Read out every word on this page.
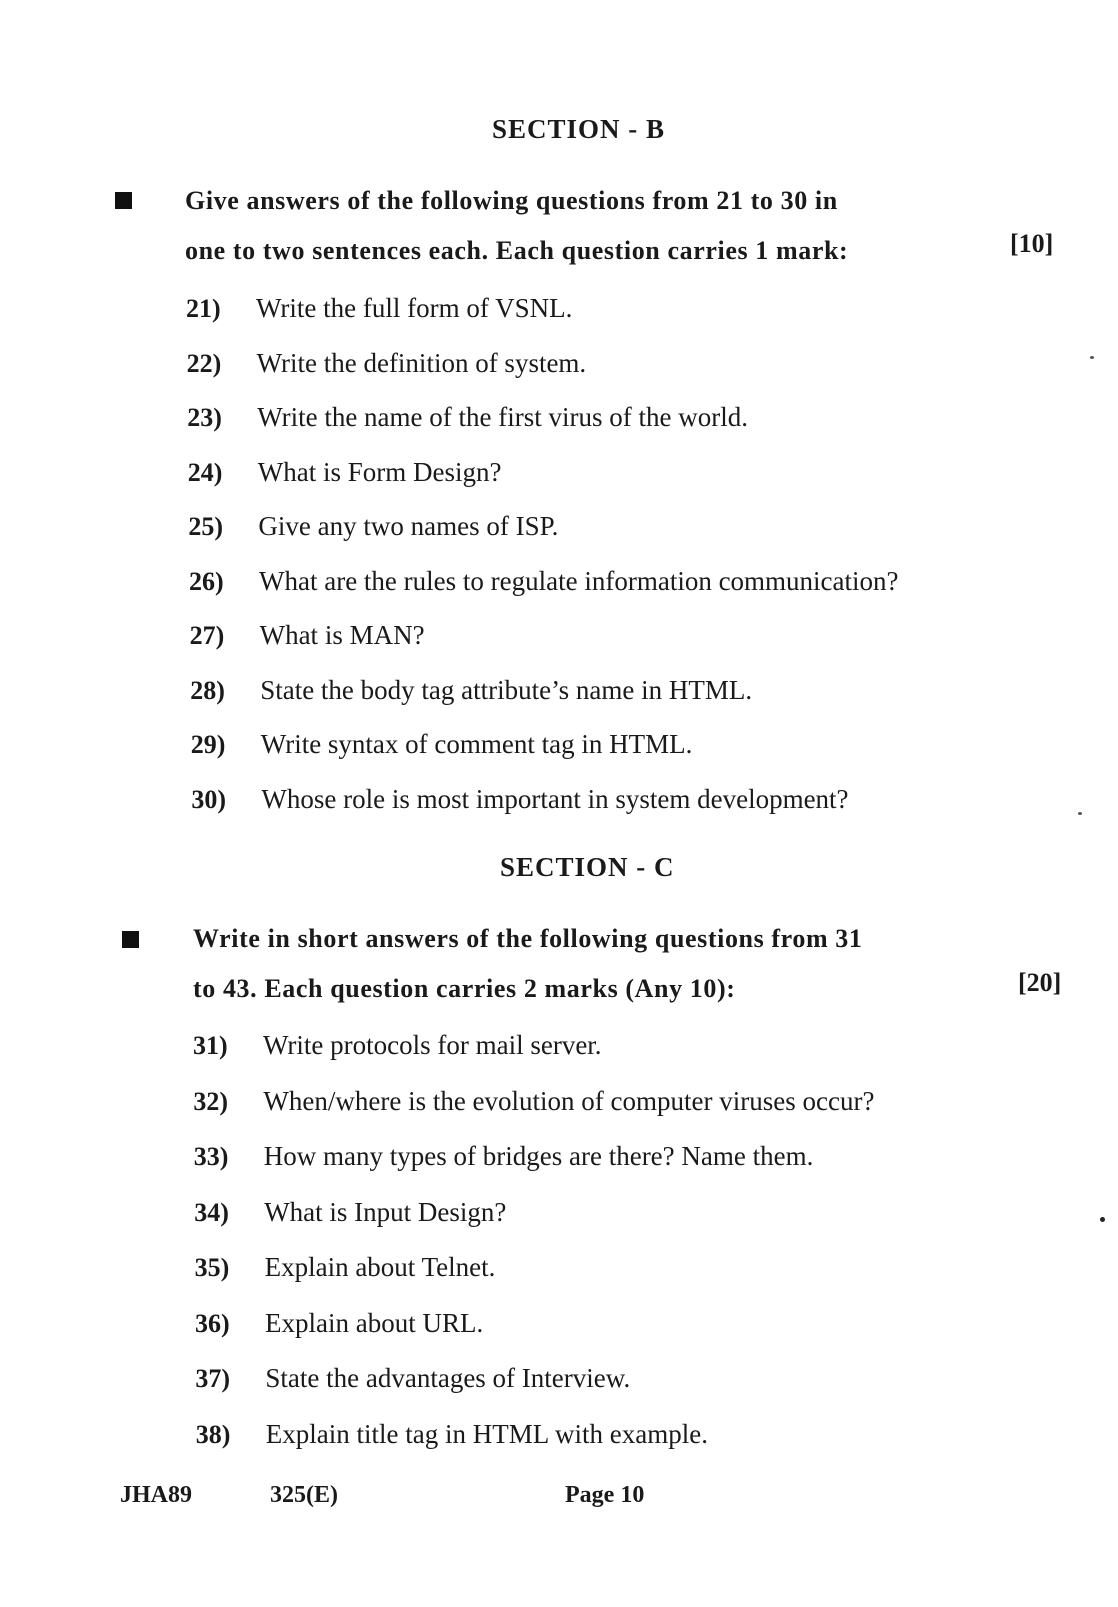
SECTION - B
Give answers of the following questions from 21 to 30 in
one to two sentences each. Each question carries 1 mark:	[10]
21) Write the full form of VSNL.
22) Write the definition of system.
23) Write the name of the first virus of the world.
24) What is Form Design?
25) Give any two names of ISP.
26) What are the rules to regulate information communication?
27) What is MAN?
28) State the body tag attribute’s name in HTML.
29) Write syntax of comment tag in HTML.
30) Whose role is most important in system development?
SECTION - C
Write in short answers of the following questions from 31
to 43. Each question carries 2 marks (Any 10):	[20]
31) Write protocols for mail server.
32) When/where is the evolution of computer viruses occur?
33) How many types of bridges are there? Name them.
34) What is Input Design?
35) Explain about Telnet.
36) Explain about URL.
37) State the advantages of Interview.
38) Explain title tag in HTML with example.
JHA89	325(E)	Page 10
